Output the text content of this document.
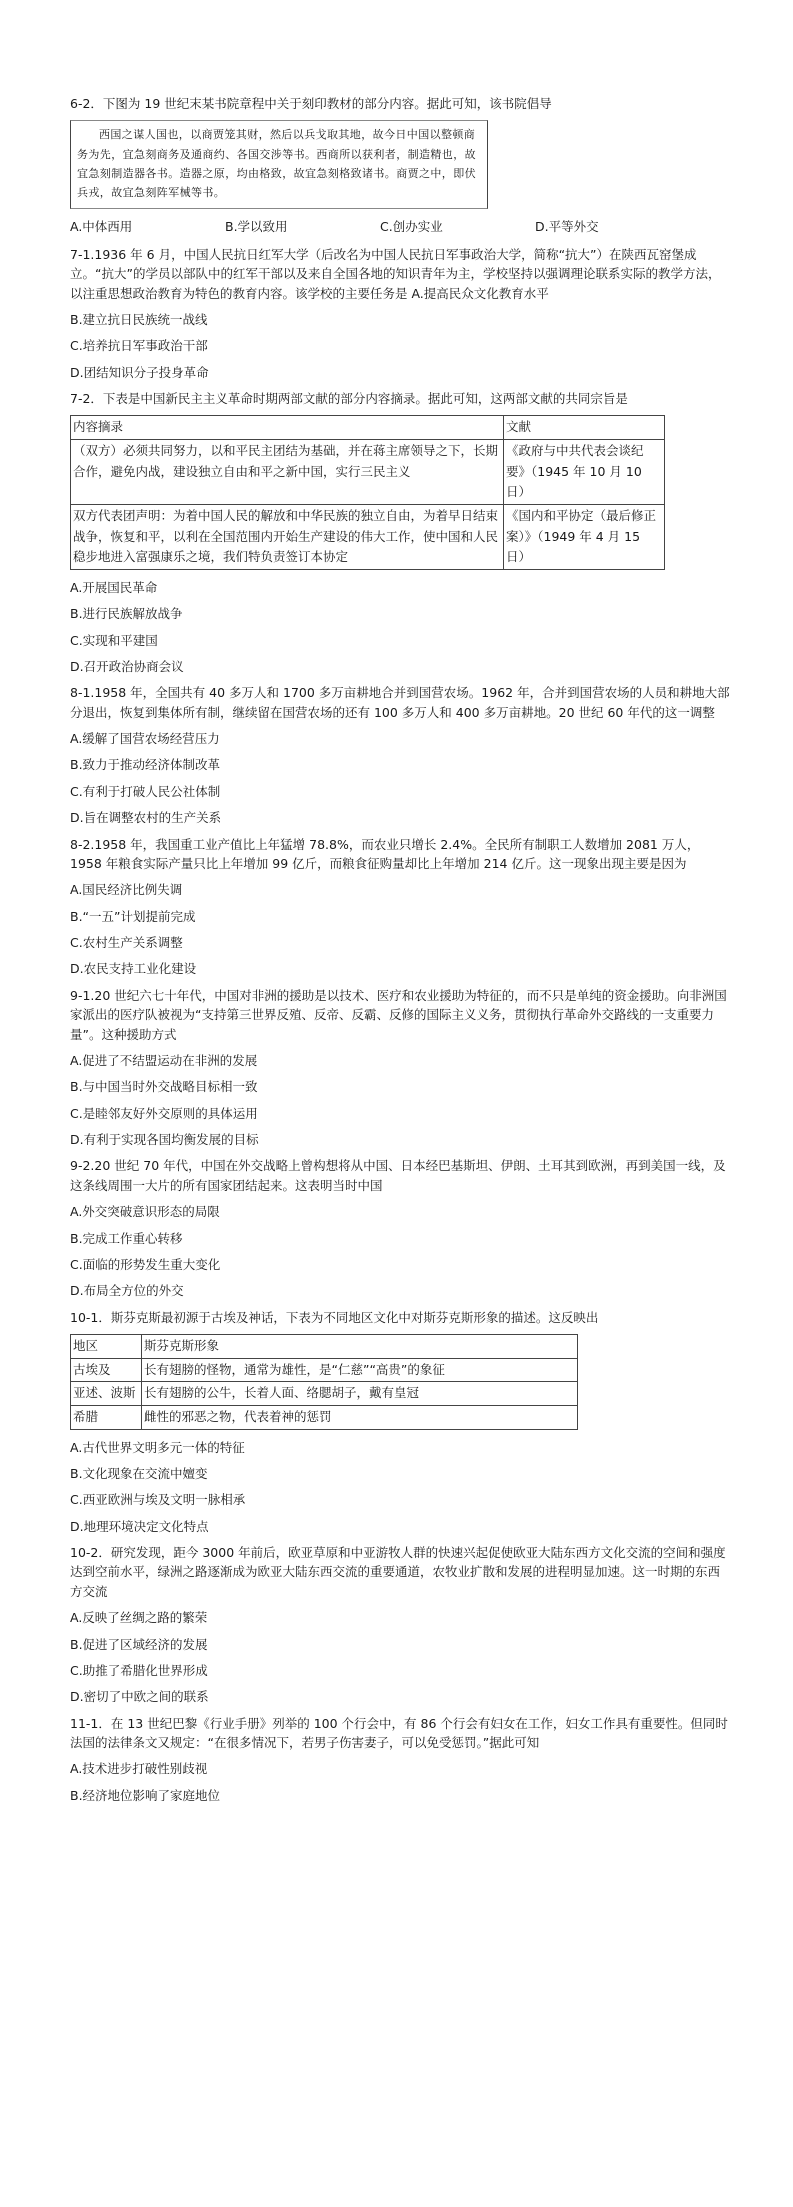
6-2．下图为 19 世纪末某书院章程中关于刻印教材的部分内容。据此可知，该书院倡导

西国之谋人国也，以商贾笼其财，然后以兵戈取其地，故今日中国以整顿商务为先，宜急刻商务及通商约、各国交涉等书。西商所以获利者，制造精也，故宜急刻制造器各书。造器之原，均由格致，故宜急刻格致诸书。商贾之中，即伏兵戎，故宜急刻阵军械等书。
A.中体西用	B.学以致用	C.创办实业	D.平等外交

7-1.1936 年 6 月，中国人民抗日红军大学（后改名为中国人民抗日军事政治大学，简称“抗大”）在陕西瓦窑堡成立。“抗大”的学员以部队中的红军干部以及来自全国各地的知识青年为主，学校坚持以强调理论联系实际的教学方法，以注重思想政治教育为特色的教育内容。该学校的主要任务是 A.提高民众文化教育水平

B.建立抗日民族统一战线

C.培养抗日军事政治干部

D.团结知识分子投身革命

7-2．下表是中国新民主主义革命时期两部文献的部分内容摘录。据此可知，这两部文献的共同宗旨是

内容摘录	文献
（双方）必须共同努力，以和平民主团结为基础，并在蒋主席领导之下，长期合作，避免内战，建设独立自由和平之新中国，实行三民主义	《政府与中共代表会谈纪要》（1945 年 10 月 10 日）
双方代表团声明：为着中国人民的解放和中华民族的独立自由，为着早日结束战争，恢复和平，以利在全国范围内开始生产建设的伟大工作，使中国和人民稳步地进入富强康乐之境，我们特负责签订本协定	《国内和平协定（最后修正案）》（1949 年 4 月 15 日）

A.开展国民革命

B.进行民族解放战争

C.实现和平建国

D.召开政治协商会议

8-1.1958 年，全国共有 40 多万人和 1700 多万亩耕地合并到国营农场。1962 年，合并到国营农场的人员和耕地大部分退出，恢复到集体所有制，继续留在国营农场的还有 100 多万人和 400 多万亩耕地。20 世纪 60 年代的这一调整

A.缓解了国营农场经营压力

B.致力于推动经济体制改革

C.有利于打破人民公社体制

D.旨在调整农村的生产关系

8-2.1958 年，我国重工业产值比上年猛增 78.8%，而农业只增长 2.4%。全民所有制职工人数增加 2081 万人，1958 年粮食实际产量只比上年增加 99 亿斤，而粮食征购量却比上年增加 214 亿斤。这一现象出现主要是因为

A.国民经济比例失调

B.“一五”计划提前完成

C.农村生产关系调整

D.农民支持工业化建设

9-1.20 世纪六七十年代，中国对非洲的援助是以技术、医疗和农业援助为特征的，而不只是单纯的资金援助。向非洲国家派出的医疗队被视为“支持第三世界反殖、反帝、反霸、反修的国际主义义务，贯彻执行革命外交路线的一支重要力量”。这种援助方式

A.促进了不结盟运动在非洲的发展

B.与中国当时外交战略目标相一致

C.是睦邻友好外交原则的具体运用

D.有利于实现各国均衡发展的目标

9-2.20 世纪 70 年代，中国在外交战略上曾构想将从中国、日本经巴基斯坦、伊朗、土耳其到欧洲，再到美国一线，及这条线周围一大片的所有国家团结起来。这表明当时中国

A.外交突破意识形态的局限

B.完成工作重心转移

C.面临的形势发生重大变化

D.布局全方位的外交

10-1．斯芬克斯最初源于古埃及神话，下表为不同地区文化中对斯芬克斯形象的描述。这反映出

地区	斯芬克斯形象
古埃及	长有翅膀的怪物，通常为雄性，是“仁慈”“高贵”的象征
亚述、波斯	长有翅膀的公牛，长着人面、络腮胡子，戴有皇冠
希腊	雌性的邪恶之物，代表着神的惩罚

A.古代世界文明多元一体的特征

B.文化现象在交流中嬗变

C.西亚欧洲与埃及文明一脉相承

D.地理环境决定文化特点

10-2．研究发现，距今 3000 年前后，欧亚草原和中亚游牧人群的快速兴起促使欧亚大陆东西方文化交流的空间和强度达到空前水平，绿洲之路逐渐成为欧亚大陆东西交流的重要通道，农牧业扩散和发展的进程明显加速。这一时期的东西方交流

A.反映了丝绸之路的繁荣

B.促进了区域经济的发展

C.助推了希腊化世界形成

D.密切了中欧之间的联系

11-1．在 13 世纪巴黎《行业手册》列举的 100 个行会中，有 86 个行会有妇女在工作，妇女工作具有重要性。但同时法国的法律条文又规定：“在很多情况下，若男子伤害妻子，可以免受惩罚。”据此可知

A.技术进步打破性别歧视

B.经济地位影响了家庭地位
